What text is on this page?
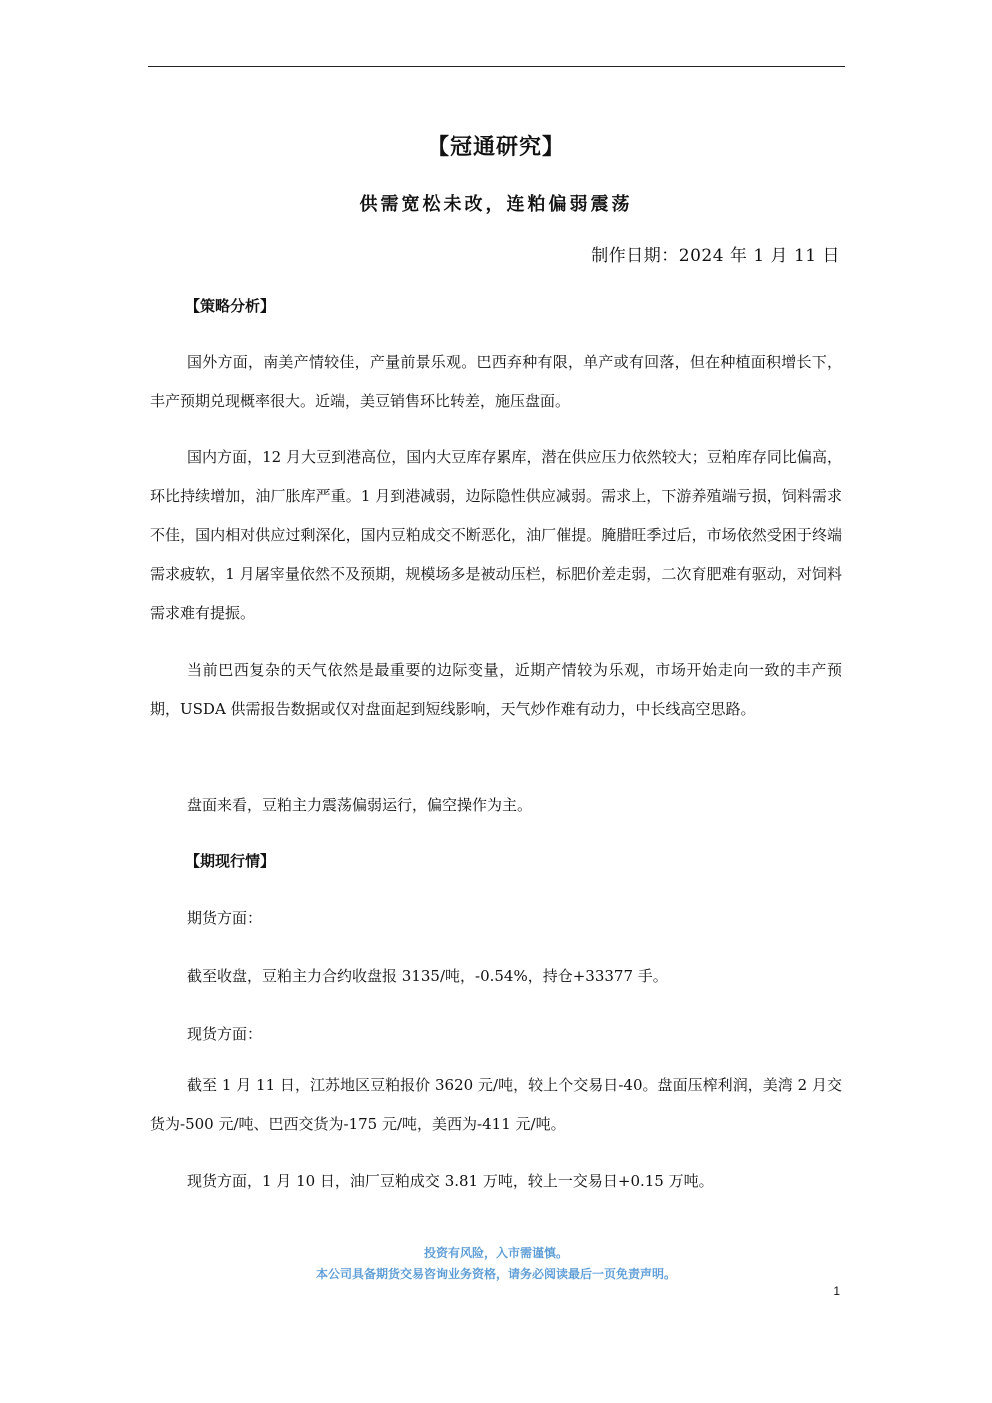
【冠通研究】
供需宽松未改，连粕偏弱震荡
制作日期：2024 年 1 月 11 日
【策略分析】
国外方面，南美产情较佳，产量前景乐观。巴西弃种有限，单产或有回落，但在种植面积增长下，丰产预期兑现概率很大。近端，美豆销售环比转差，施压盘面。
国内方面，12 月大豆到港高位，国内大豆库存累库，潜在供应压力依然较大；豆粕库存同比偏高，环比持续增加，油厂胀库严重。1 月到港减弱，边际隐性供应减弱。需求上，下游养殖端亏损，饲料需求不佳，国内相对供应过剩深化，国内豆粕成交不断恶化，油厂催提。腌腊旺季过后，市场依然受困于终端需求疲软，1 月屠宰量依然不及预期，规模场多是被动压栏，标肥价差走弱，二次育肥难有驱动，对饲料需求难有提振。
当前巴西复杂的天气依然是最重要的边际变量，近期产情较为乐观，市场开始走向一致的丰产预期，USDA 供需报告数据或仅对盘面起到短线影响，天气炒作难有动力，中长线高空思路。
盘面来看，豆粕主力震荡偏弱运行，偏空操作为主。
【期现行情】
期货方面：
截至收盘，豆粕主力合约收盘报 3135/吨，-0.54%，持仓+33377 手。
现货方面：
截至 1 月 11 日，江苏地区豆粕报价 3620 元/吨，较上个交易日-40。盘面压榨利润，美湾 2 月交货为-500 元/吨、巴西交货为-175 元/吨，美西为-411 元/吨。
现货方面，1 月 10 日，油厂豆粕成交 3.81 万吨，较上一交易日+0.15 万吨。
投资有风险，入市需谨慎。
本公司具备期货交易咨询业务资格，请务必阅读最后一页免责声明。
1
